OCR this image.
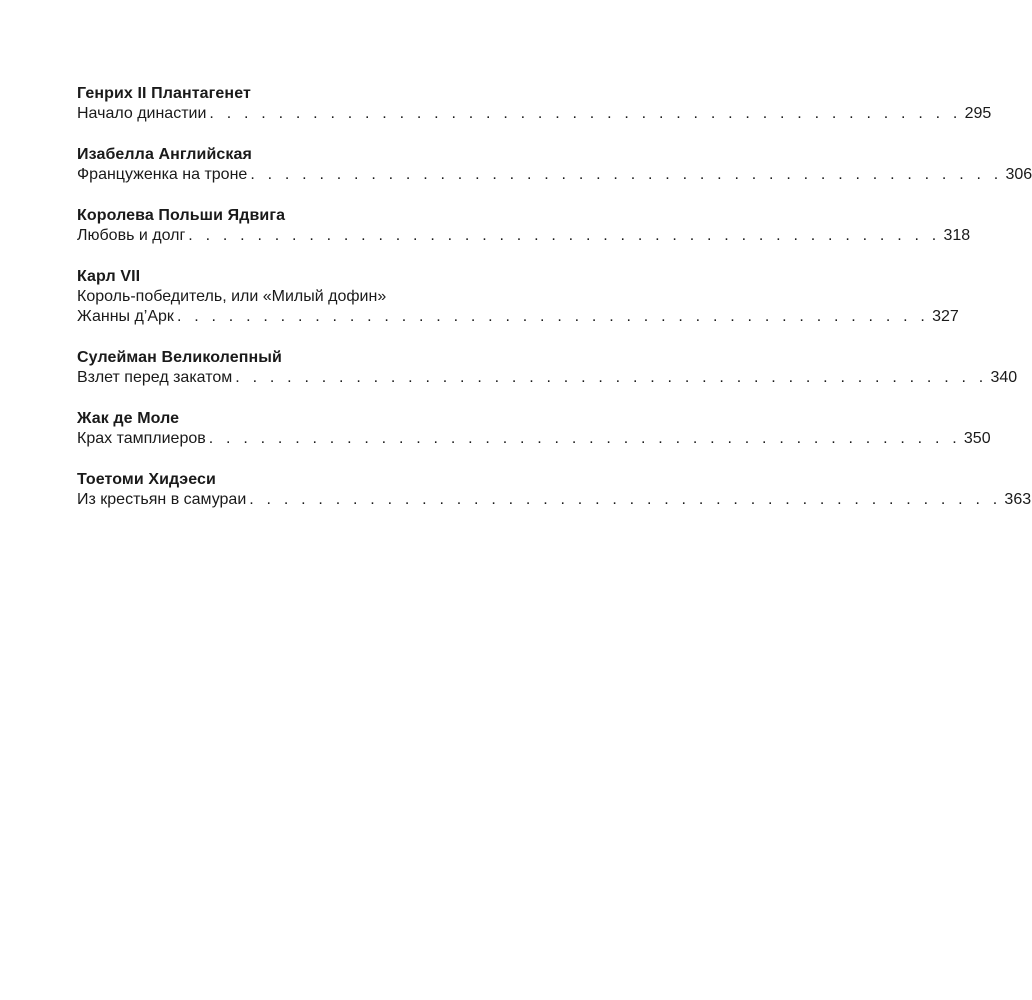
Генрих II Плантагенет
Начало династии . . . . . . . . . . . . . . . . . . . . . . . . . . . . . . . . . . . . . . . . . . . . 295
Изабелла Английская
Француженка на троне . . . . . . . . . . . . . . . . . . . . . . . . . . . . . . . . . . . . . . . . . . . . 306
Королева Польши Ядвига
Любовь и долг . . . . . . . . . . . . . . . . . . . . . . . . . . . . . . . . . . . . . . . . . . . . 318
Карл VII
Король-победитель, или «Милый дофин»
Жанны д’Арк . . . . . . . . . . . . . . . . . . . . . . . . . . . . . . . . . . . . . . . . . . . . 327
Сулейман Великолепный
Взлет перед закатом . . . . . . . . . . . . . . . . . . . . . . . . . . . . . . . . . . . . . . . . . . . . 340
Жак де Моле
Крах тамплиеров . . . . . . . . . . . . . . . . . . . . . . . . . . . . . . . . . . . . . . . . . . . . 350
Тоетоми Хидэеси
Из крестьян в самураи . . . . . . . . . . . . . . . . . . . . . . . . . . . . . . . . . . . . . . . . . . . . 363
